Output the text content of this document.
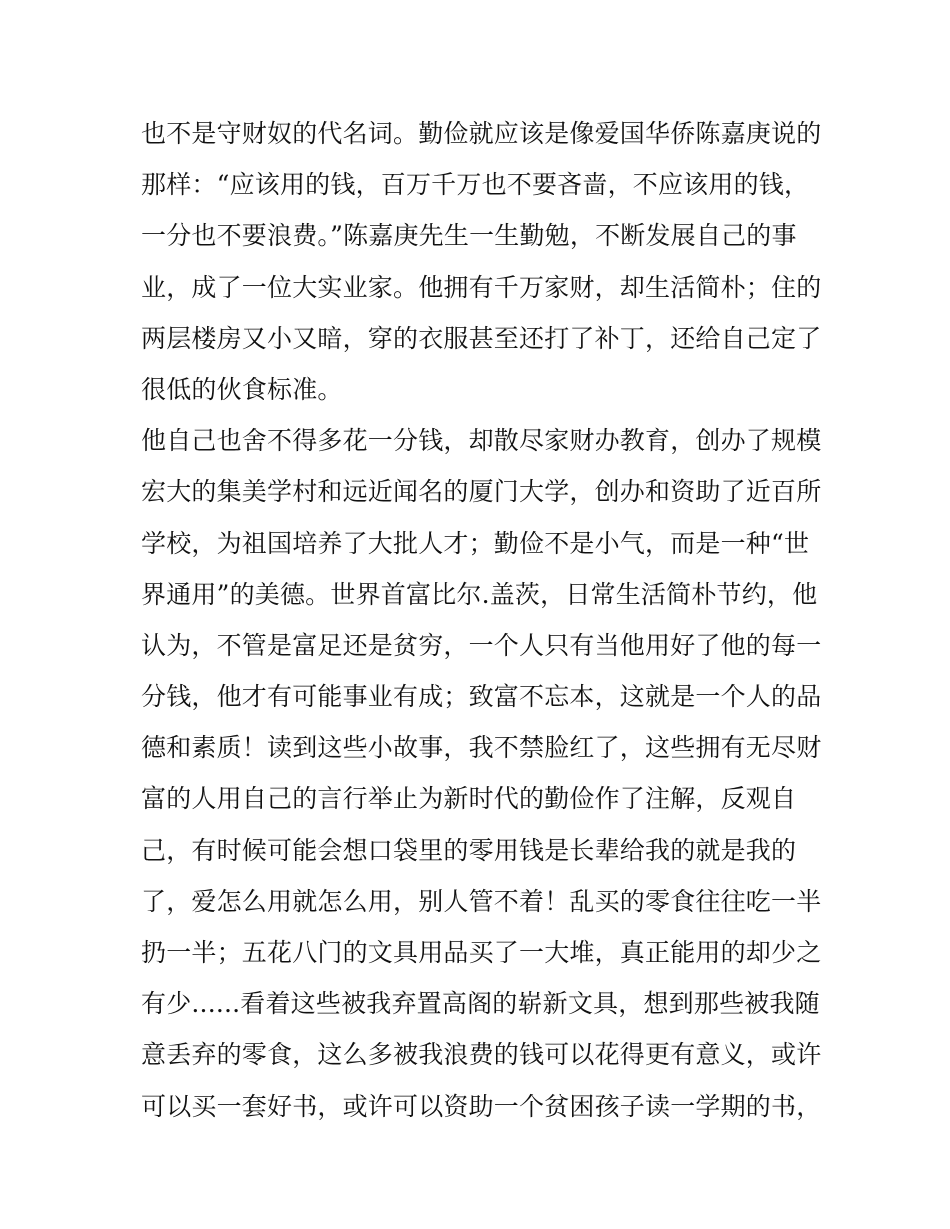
也不是守财奴的代名词。勤俭就应该是像爱国华侨陈嘉庚说的
那样：“应该用的钱，百万千万也不要吝啬，不应该用的钱，
一分也不要浪费。”陈嘉庚先生一生勤勉，不断发展自己的事
业，成了一位大实业家。他拥有千万家财，却生活简朴；住的
两层楼房又小又暗，穿的衣服甚至还打了补丁，还给自己定了
很低的伙食标准。
他自己也舍不得多花一分钱，却散尽家财办教育，创办了规模
宏大的集美学村和远近闻名的厦门大学，创办和资助了近百所
学校，为祖国培养了大批人才；勤俭不是小气，而是一种“世
界通用”的美德。世界首富比尔.盖茨，日常生活简朴节约，他
认为，不管是富足还是贫穷，一个人只有当他用好了他的每一
分钱，他才有可能事业有成；致富不忘本，这就是一个人的品
德和素质！读到这些小故事，我不禁脸红了，这些拥有无尽财
富的人用自己的言行举止为新时代的勤俭作了注解，反观自
己，有时候可能会想口袋里的零用钱是长辈给我的就是我的
了，爱怎么用就怎么用，别人管不着！乱买的零食往往吃一半
扔一半；五花八门的文具用品买了一大堆，真正能用的却少之
有少......看着这些被我弃置高阁的崭新文具，想到那些被我随
意丢弃的零食，这么多被我浪费的钱可以花得更有意义，或许
可以买一套好书，或许可以资助一个贫困孩子读一学期的书，
